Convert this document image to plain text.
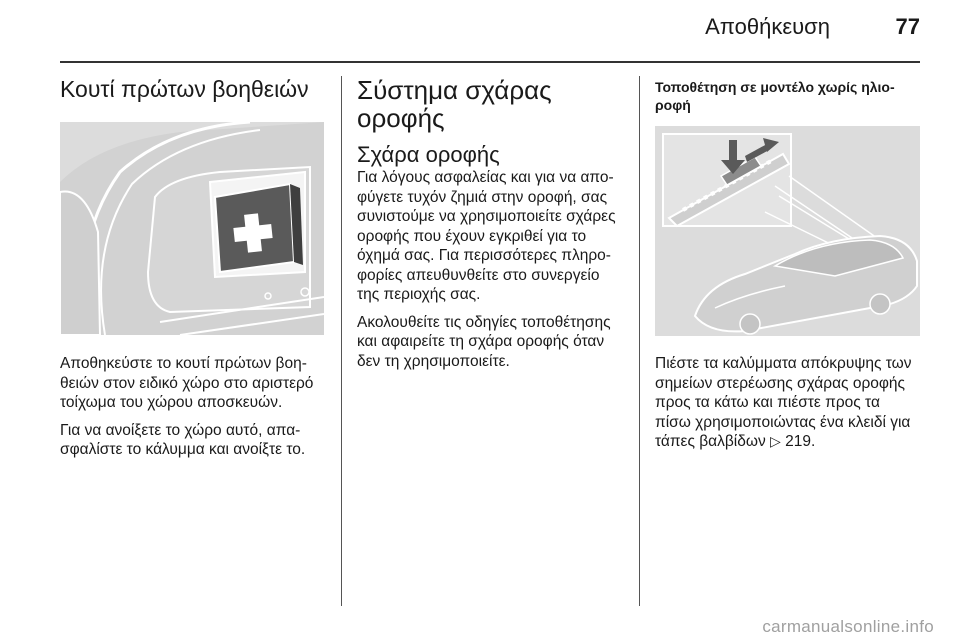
Αποθήκευση	77
Κουτί πρώτων βοηθειών

Αποθηκεύστε το κουτί πρώτων βοη- θειών στον ειδικό χώρο στο αριστερό τοίχωμα του χώρου αποσκευών.

Για να ανοίξετε το χώρο αυτό, απα- σφαλίστε το κάλυμμα και ανοίξτε το.

Σύστημα σχάρας οροφής
Σχάρα οροφής

Για λόγους ασφαλείας και για να απο- φύγετε τυχόν ζημιά στην οροφή, σας συνιστούμε να χρησιμοποιείτε σχάρες οροφής που έχουν εγκριθεί για το όχημά σας. Για περισσότερες πληρο- φορίες απευθυνθείτε στο συνεργείο της περιοχής σας.

Ακολουθείτε τις οδηγίες τοποθέτησης και αφαιρείτε τη σχάρα οροφής όταν δεν τη χρησιμοποιείτε.

Τοποθέτηση σε μοντέλο χωρίς ηλιο- ροφή

Πιέστε τα καλύμματα απόκρυψης των σημείων στερέωσης σχάρας οροφής προς τα κάτω και πιέστε προς τα πίσω χρησιμοποιώντας ένα κλειδί για τάπες βαλβίδων ▷ 219.

carmanualsonline.info
